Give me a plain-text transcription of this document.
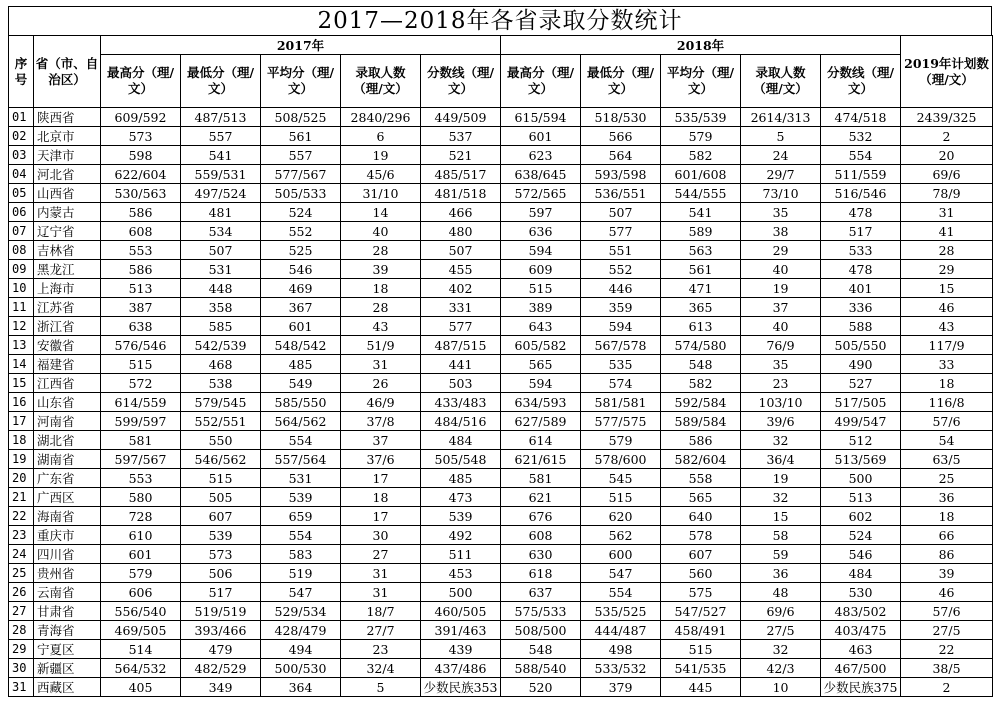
2017—2018年各省录取分数统计
序号	省（市、自治区）	2017年					2018年					2019年计划数（理/文）
		最高分（理/文）	最低分（理/文）	平均分（理/文）	录取人数（理/文）	分数线（理/文）	最高分（理/文）	最低分（理/文）	平均分（理/文）	录取人数（理/文）	分数线（理/文）	
01	陕西省	609/592	487/513	508/525	2840/296	449/509	615/594	518/530	535/539	2614/313	474/518	2439/325
02	北京市	573	557	561	6	537	601	566	579	5	532	2
03	天津市	598	541	557	19	521	623	564	582	24	554	20
04	河北省	622/604	559/531	577/567	45/6	485/517	638/645	593/598	601/608	29/7	511/559	69/6
05	山西省	530/563	497/524	505/533	31/10	481/518	572/565	536/551	544/555	73/10	516/546	78/9
06	内蒙古	586	481	524	14	466	597	507	541	35	478	31
07	辽宁省	608	534	552	40	480	636	577	589	38	517	41
08	吉林省	553	507	525	28	507	594	551	563	29	533	28
09	黑龙江	586	531	546	39	455	609	552	561	40	478	29
10	上海市	513	448	469	18	402	515	446	471	19	401	15
11	江苏省	387	358	367	28	331	389	359	365	37	336	46
12	浙江省	638	585	601	43	577	643	594	613	40	588	43
13	安徽省	576/546	542/539	548/542	51/9	487/515	605/582	567/578	574/580	76/9	505/550	117/9
14	福建省	515	468	485	31	441	565	535	548	35	490	33
15	江西省	572	538	549	26	503	594	574	582	23	527	18
16	山东省	614/559	579/545	585/550	46/9	433/483	634/593	581/581	592/584	103/10	517/505	116/8
17	河南省	599/597	552/551	564/562	37/8	484/516	627/589	577/575	589/584	39/6	499/547	57/6
18	湖北省	581	550	554	37	484	614	579	586	32	512	54
19	湖南省	597/567	546/562	557/564	37/6	505/548	621/615	578/600	582/604	36/4	513/569	63/5
20	广东省	553	515	531	17	485	581	545	558	19	500	25
21	广西区	580	505	539	18	473	621	515	565	32	513	36
22	海南省	728	607	659	17	539	676	620	640	15	602	18
23	重庆市	610	539	554	30	492	608	562	578	58	524	66
24	四川省	601	573	583	27	511	630	600	607	59	546	86
25	贵州省	579	506	519	31	453	618	547	560	36	484	39
26	云南省	606	517	547	31	500	637	554	575	48	530	46
27	甘肃省	556/540	519/519	529/534	18/7	460/505	575/533	535/525	547/527	69/6	483/502	57/6
28	青海省	469/505	393/466	428/479	27/7	391/463	508/500	444/487	458/491	27/5	403/475	27/5
29	宁夏区	514	479	494	23	439	548	498	515	32	463	22
30	新疆区	564/532	482/529	500/530	32/4	437/486	588/540	533/532	541/535	42/3	467/500	38/5
31	西藏区	405	349	364	5	少数民族353	520	379	445	10	少数民族375	2
